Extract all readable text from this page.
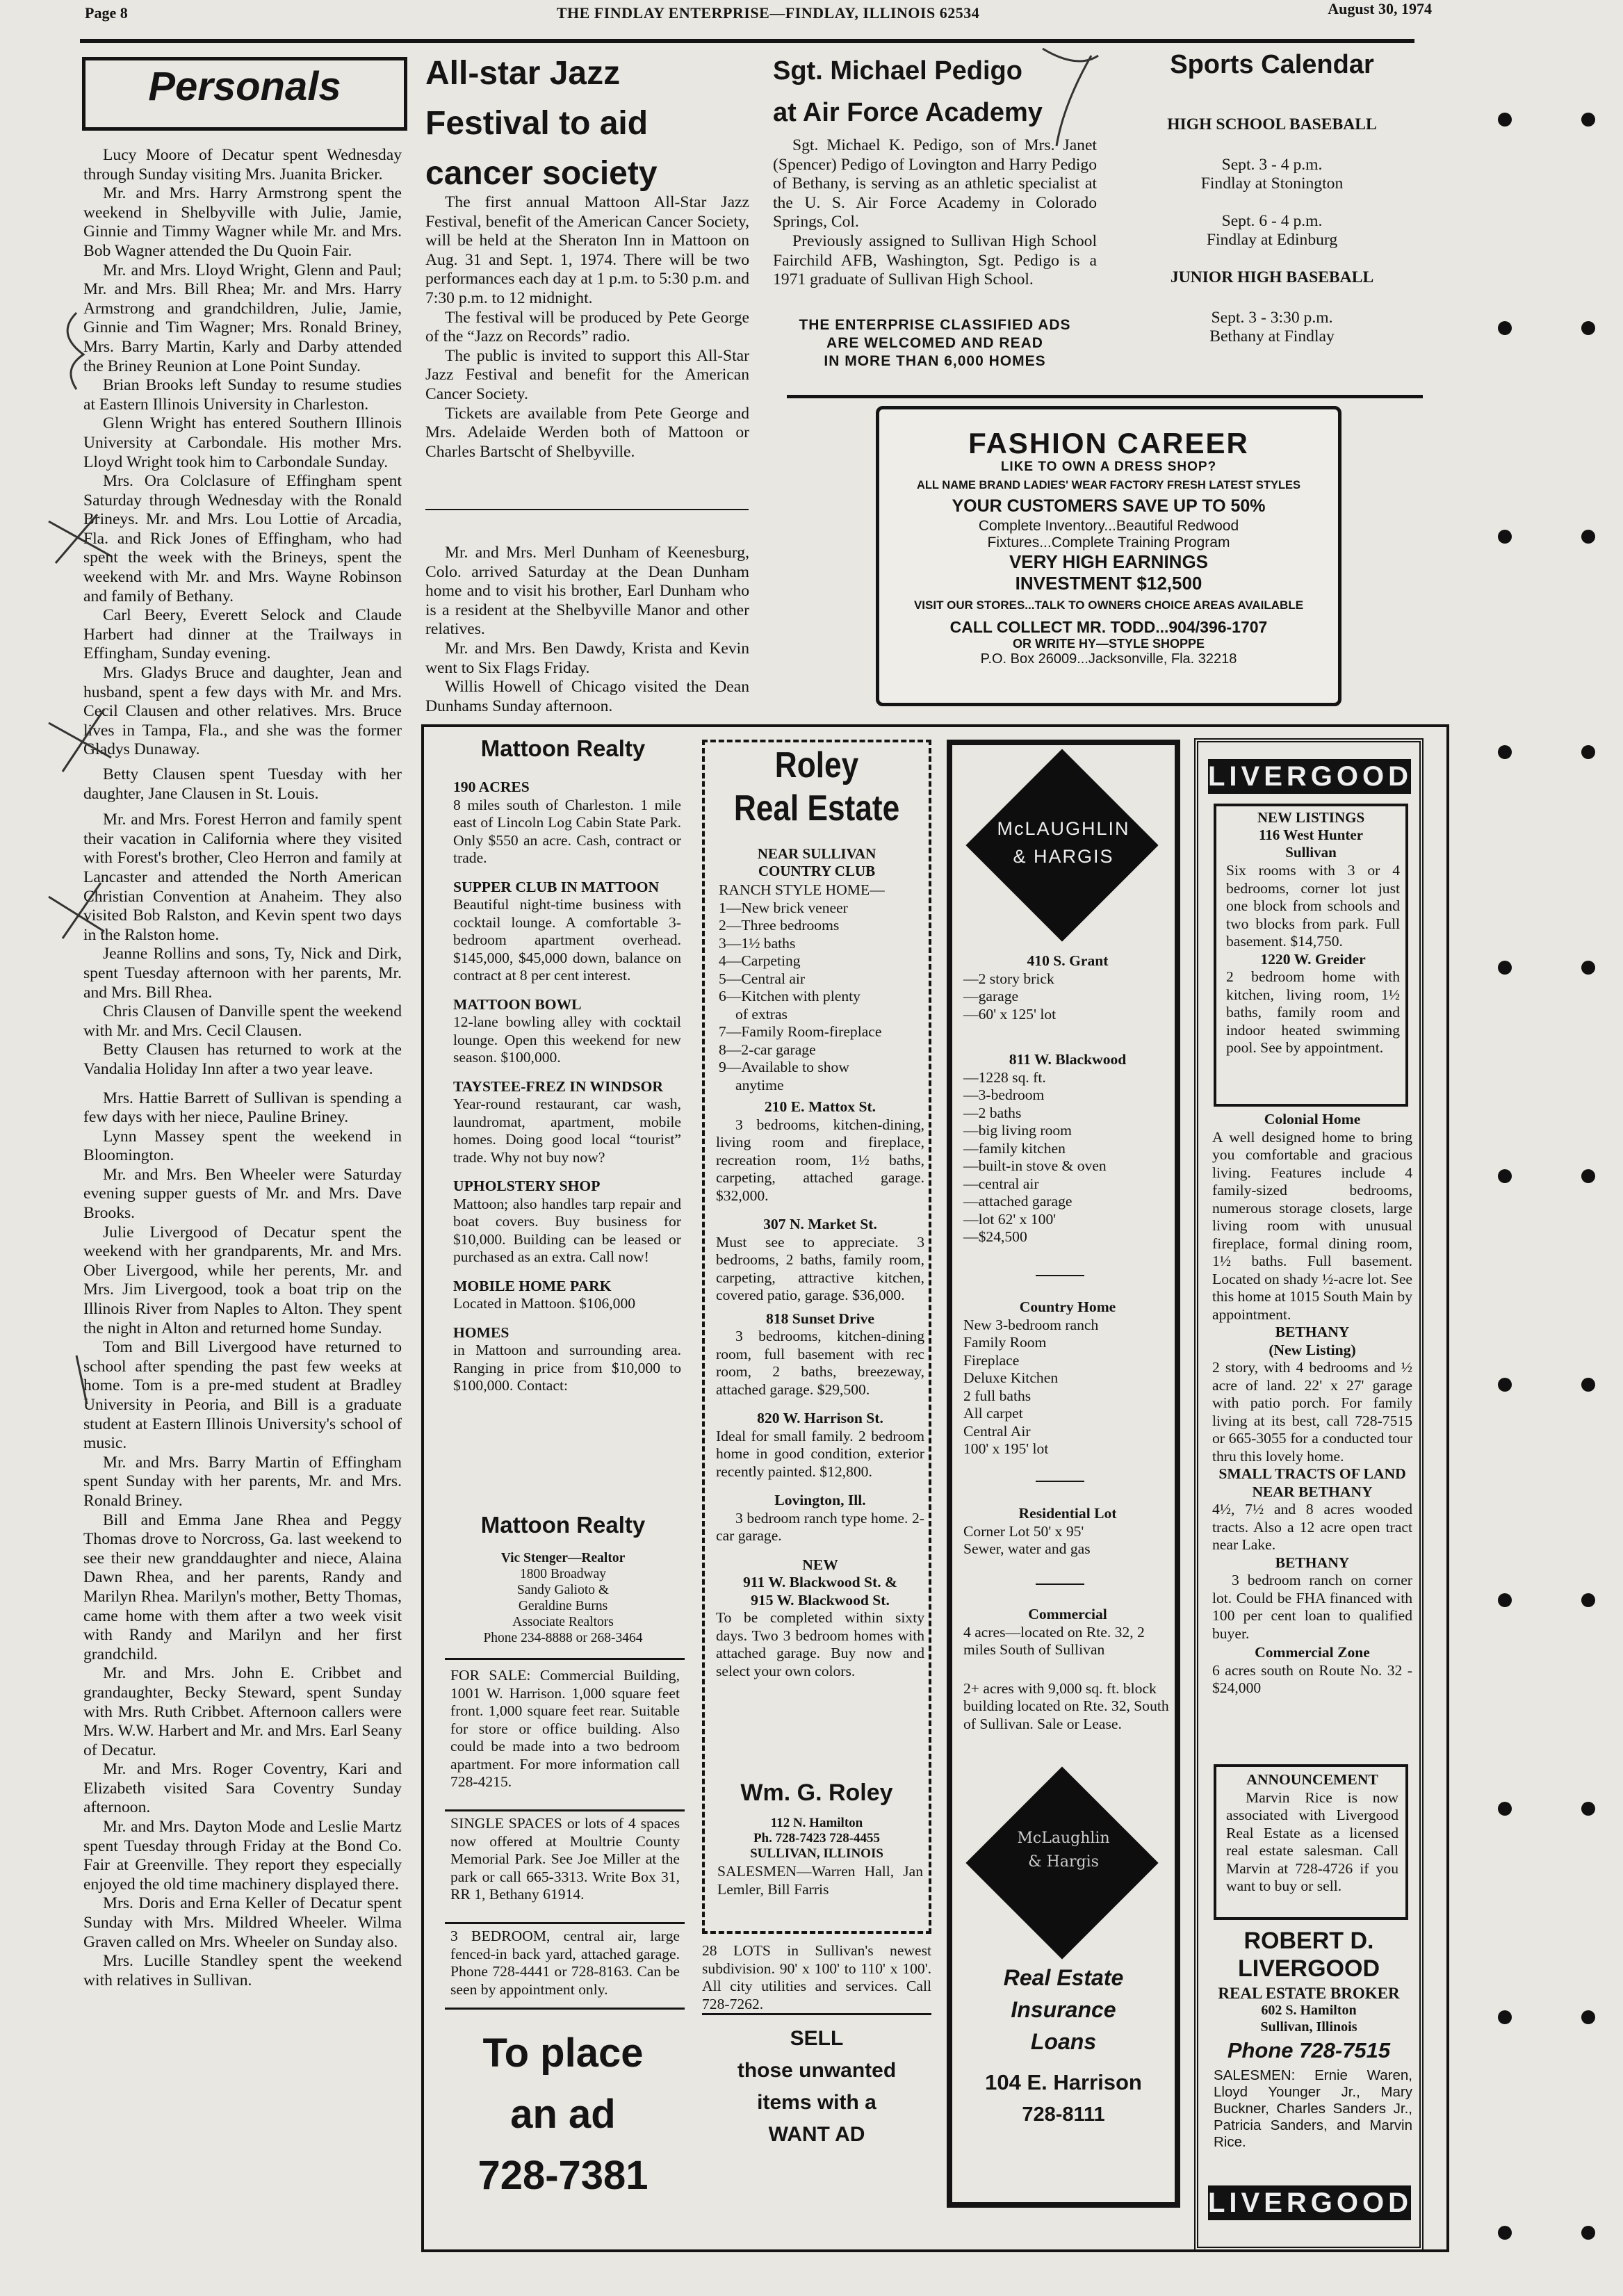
Page 8	THE FINDLAY ENTERPRISE—FINDLAY, ILLINOIS 62534	August 30, 1974
Personals

Lucy Moore of Decatur spent Wednesday through Sunday visiting Mrs. Juanita Bricker.

Mr. and Mrs. Harry Armstrong spent the weekend in Shelbyville with Julie, Jamie, Ginnie and Timmy Wagner while Mr. and Mrs. Bob Wagner attended the Du Quoin Fair.

Mr. and Mrs. Lloyd Wright, Glenn and Paul; Mr. and Mrs. Bill Rhea; Mr. and Mrs. Harry Armstrong and grandchildren, Julie, Jamie, Ginnie and Tim Wagner; Mrs. Ronald Briney, Mrs. Barry Martin, Karly and Darby attended the Briney Reunion at Lone Point Sunday.

Brian Brooks left Sunday to resume studies at Eastern Illinois University in Charleston.

Glenn Wright has entered Southern Illinois University at Carbondale. His mother Mrs. Lloyd Wright took him to Carbondale Sunday.

Mrs. Ora Colclasure of Effingham spent Saturday through Wednesday with the Ronald Brineys. Mr. and Mrs. Lou Lottie of Arcadia, Fla. and Rick Jones of Effingham, who had spent the week with the Brineys, spent the weekend with Mr. and Mrs. Wayne Robinson and family of Bethany.

Carl Beery, Everett Selock and Claude Harbert had dinner at the Trailways in Effingham, Sunday evening.

Mrs. Gladys Bruce and daughter, Jean and husband, spent a few days with Mr. and Mrs. Cecil Clausen and other relatives. Mrs. Bruce lives in Tampa, Fla., and she was the former Gladys Dunaway.

Betty Clausen spent Tuesday with her daughter, Jane Clausen in St. Louis.

Mr. and Mrs. Forest Herron and family spent their vacation in California where they visited with Forest's brother, Cleo Herron and family at Lancaster and attended the North American Christian Convention at Anaheim. They also visited Bob Ralston, and Kevin spent two days in the Ralston home.

Jeanne Rollins and sons, Ty, Nick and Dirk, spent Tuesday afternoon with her parents, Mr. and Mrs. Bill Rhea.

Chris Clausen of Danville spent the weekend with Mr. and Mrs. Cecil Clausen.

Betty Clausen has returned to work at the Vandalia Holiday Inn after a two year leave.

Mrs. Hattie Barrett of Sullivan is spending a few days with her niece, Pauline Briney.

Lynn Massey spent the weekend in Bloomington.

Mr. and Mrs. Ben Wheeler were Saturday evening supper guests of Mr. and Mrs. Dave Brooks.

Julie Livergood of Decatur spent the weekend with her grandparents, Mr. and Mrs. Ober Livergood, while her perents, Mr. and Mrs. Jim Livergood, took a boat trip on the Illinois River from Naples to Alton. They spent the night in Alton and returned home Sunday.

Tom and Bill Livergood have returned to school after spending the past few weeks at home. Tom is a pre-med student at Bradley University in Peoria, and Bill is a graduate student at Eastern Illinois University's school of music.

Mr. and Mrs. Barry Martin of Effingham spent Sunday with her parents, Mr. and Mrs. Ronald Briney.

Bill and Emma Jane Rhea and Peggy Thomas drove to Norcross, Ga. last weekend to see their new granddaughter and niece, Alaina Dawn Rhea, and her parents, Randy and Marilyn Rhea. Marilyn's mother, Betty Thomas, came home with them after a two week visit with Randy and Marilyn and her first grandchild.

Mr. and Mrs. John E. Cribbet and grandaughter, Becky Steward, spent Sunday with Mrs. Ruth Cribbet. Afternoon callers were Mrs. W.W. Harbert and Mr. and Mrs. Earl Seany of Decatur.

Mr. and Mrs. Roger Coventry, Kari and Elizabeth visited Sara Coventry Sunday afternoon.

Mr. and Mrs. Dayton Mode and Leslie Martz spent Tuesday through Friday at the Bond Co. Fair at Greenville. They report they especially enjoyed the old time machinery displayed there.

Mrs. Doris and Erna Keller of Decatur spent Sunday with Mrs. Mildred Wheeler. Wilma Graven called on Mrs. Wheeler on Sunday also.

Mrs. Lucille Standley spent the weekend with relatives in Sullivan.

All-star Jazz
Festival to aid
cancer society

The first annual Mattoon All-Star Jazz Festival, benefit of the American Cancer Society, will be held at the Sheraton Inn in Mattoon on Aug. 31 and Sept. 1, 1974. There will be two performances each day at 1 p.m. to 5:30 p.m. and 7:30 p.m. to 12 midnight.

The festival will be produced by Pete George of the “Jazz on Records” radio.

The public is invited to support this All-Star Jazz Festival and benefit for the American Cancer Society.

Tickets are available from Pete George and Mrs. Adelaide Werden both of Mattoon or Charles Bartscht of Shelbyville.

Mr. and Mrs. Merl Dunham of Keenesburg, Colo. arrived Saturday at the Dean Dunham home and to visit his brother, Earl Dunham who is a resident at the Shelbyville Manor and other relatives.

Mr. and Mrs. Ben Dawdy, Krista and Kevin went to Six Flags Friday.

Willis Howell of Chicago visited the Dean Dunhams Sunday afternoon.

Sgt. Michael Pedigo
at Air Force Academy

Sgt. Michael K. Pedigo, son of Mrs. Janet (Spencer) Pedigo of Lovington and Harry Pedigo of Bethany, is serving as an athletic specialist at the U. S. Air Force Academy in Colorado Springs, Col.

Previously assigned to Sullivan High School Fairchild AFB, Washington, Sgt. Pedigo is a 1971 graduate of Sullivan High School.

THE ENTERPRISE CLASSIFIED ADS
ARE WELCOMED AND READ
IN MORE THAN 6,000 HOMES
Sports Calendar
HIGH SCHOOL BASEBALL
Sept. 3 - 4 p.m.
Findlay at Stonington
Sept. 6 - 4 p.m.
Findlay at Edinburg
JUNIOR HIGH BASEBALL
Sept. 3 - 3:30 p.m.
Bethany at Findlay
FASHION CAREER
LIKE TO OWN A DRESS SHOP?
ALL NAME BRAND LADIES' WEAR FACTORY FRESH LATEST STYLES
YOUR CUSTOMERS SAVE UP TO 50%
Complete Inventory...Beautiful Redwood
Fixtures...Complete Training Program
VERY HIGH EARNINGS
INVESTMENT $12,500
VISIT OUR STORES...TALK TO OWNERS CHOICE AREAS AVAILABLE
CALL COLLECT MR. TODD...904/396-1707
OR WRITE HY—STYLE SHOPPE
P.O. Box 26009...Jacksonville, Fla. 32218
Mattoon Realty
190 ACRES
8 miles south of Charleston. 1 mile east of Lincoln Log Cabin State Park. Only $550 an acre. Cash, contract or trade.
SUPPER CLUB IN MATTOON
Beautiful night-time business with cocktail lounge. A comfortable 3-bedroom apartment overhead. $145,000, $45,000 down, balance on contract at 8 per cent interest.
MATTOON BOWL
12-lane bowling alley with cocktail lounge. Open this weekend for new season. $100,000.
TAYSTEE-FREZ IN WINDSOR
Year-round restaurant, car wash, laundromat, apartment, mobile homes. Doing good local “tourist” trade. Why not buy now?
UPHOLSTERY SHOP
Mattoon; also handles tarp repair and boat covers. Buy business for $10,000. Building can be leased or purchased as an extra. Call now!
MOBILE HOME PARK
Located in Mattoon. $106,000
HOMES
in Mattoon and surrounding area. Ranging in price from $10,000 to $100,000. Contact:
Mattoon Realty
Vic Stenger—Realtor
1800 Broadway
Sandy Galioto &
Geraldine Burns
Associate Realtors
Phone 234-8888 or 268-3464
FOR SALE: Commercial Building, 1001 W. Harrison. 1,000 square feet front. 1,000 square feet rear. Suitable for store or office building. Also could be made into a two bedroom apartment. For more information call 728-4215.
SINGLE SPACES or lots of 4 spaces now offered at Moultrie County Memorial Park. See Joe Miller at the park or call 665-3313. Write Box 31, RR 1, Bethany 61914.
3 BEDROOM, central air, large fenced-in back yard, attached garage. Phone 728-4441 or 728-8163. Can be seen by appointment only.
To place
an ad
728-7381
Roley
Real Estate
NEAR SULLIVAN
COUNTRY CLUB
RANCH STYLE HOME—
1—New brick veneer
2—Three bedrooms
3—1½ baths
4—Carpeting
5—Central air
6—Kitchen with plenty
of extras
7—Family Room-fireplace
8—2-car garage
9—Available to show
anytime
210 E. Mattox St.
3 bedrooms, kitchen-dining, living room and fireplace, recreation room, 1½ baths, carpeting, attached garage. $32,000.
307 N. Market St.
Must see to appreciate. 3 bedrooms, 2 baths, family room, carpeting, attractive kitchen, covered patio, garage. $36,000.
818 Sunset Drive
3 bedrooms, kitchen-dining room, full basement with rec room, 2 baths, breezeway, attached garage. $29,500.
820 W. Harrison St.
Ideal for small family. 2 bedroom home in good condition, exterior recently painted. $12,800.
Lovington, Ill.
3 bedroom ranch type home. 2-car garage.
NEW
911 W. Blackwood St. &
915 W. Blackwood St.
To be completed within sixty days. Two 3 bedroom homes with attached garage. Buy now and select your own colors.
Wm. G. Roley
112 N. Hamilton
Ph. 728-7423 728-4455
SULLIVAN, ILLINOIS
SALESMEN—Warren Hall, Jan Lemler, Bill Farris
28 LOTS in Sullivan's newest subdivision. 90' x 100' to 110' x 100'. All city utilities and services. Call 728-7262.
SELL
those unwanted
items with a
WANT AD
McLAUGHLIN
& HARGIS
410 S. Grant
—2 story brick
—garage
—60' x 125' lot
811 W. Blackwood
—1228 sq. ft.
—3-bedroom
—2 baths
—big living room
—family kitchen
—built-in stove & oven
—central air
—attached garage
—lot 62' x 100'
—$24,500
Country Home
New 3-bedroom ranch
Family Room
Fireplace
Deluxe Kitchen
2 full baths
All carpet
Central Air
100' x 195' lot
Residential Lot
Corner Lot 50' x 95'
Sewer, water and gas
Commercial
4 acres—located on Rte. 32, 2 miles South of Sullivan
2+ acres with 9,000 sq. ft. block building located on Rte. 32, South of Sullivan. Sale or Lease.
McLaughlin
& Hargis
Real Estate
Insurance
Loans
104 E. Harrison
728-8111
LIVERGOOD
NEW LISTINGS
116 West Hunter
Sullivan
Six rooms with 3 or 4 bedrooms, corner lot just one block from schools and two blocks from park. Full basement. $14,750.
1220 W. Greider
2 bedroom home with kitchen, living room, 1½ baths, family room and indoor heated swimming pool. See by appointment.
Colonial Home
A well designed home to bring you comfortable and gracious living. Features include 4 family-sized bedrooms, numerous storage closets, large living room with unusual fireplace, formal dining room, 1½ baths. Full basement. Located on shady ½-acre lot. See this home at 1015 South Main by appointment.
BETHANY
(New Listing)
2 story, with 4 bedrooms and ½ acre of land. 22' x 27' garage with patio porch. For family living at its best, call 728-7515 or 665-3055 for a conducted tour thru this lovely home.
SMALL TRACTS OF LAND NEAR BETHANY
4½, 7½ and 8 acres wooded tracts. Also a 12 acre open tract near Lake.
BETHANY
3 bedroom ranch on corner lot. Could be FHA financed with 100 per cent loan to qualified buyer.
Commercial Zone
6 acres south on Route No. 32 - $24,000
ANNOUNCEMENT
Marvin Rice is now associated with Livergood Real Estate as a licensed real estate salesman. Call Marvin at 728-4726 if you want to buy or sell.
ROBERT D.
LIVERGOOD
REAL ESTATE BROKER
602 S. Hamilton
Sullivan, Illinois
Phone 728-7515
SALESMEN: Ernie Waren, Lloyd Younger Jr., Mary Buckner, Charles Sanders Jr., Patricia Sanders, and Marvin Rice.
LIVERGOOD
